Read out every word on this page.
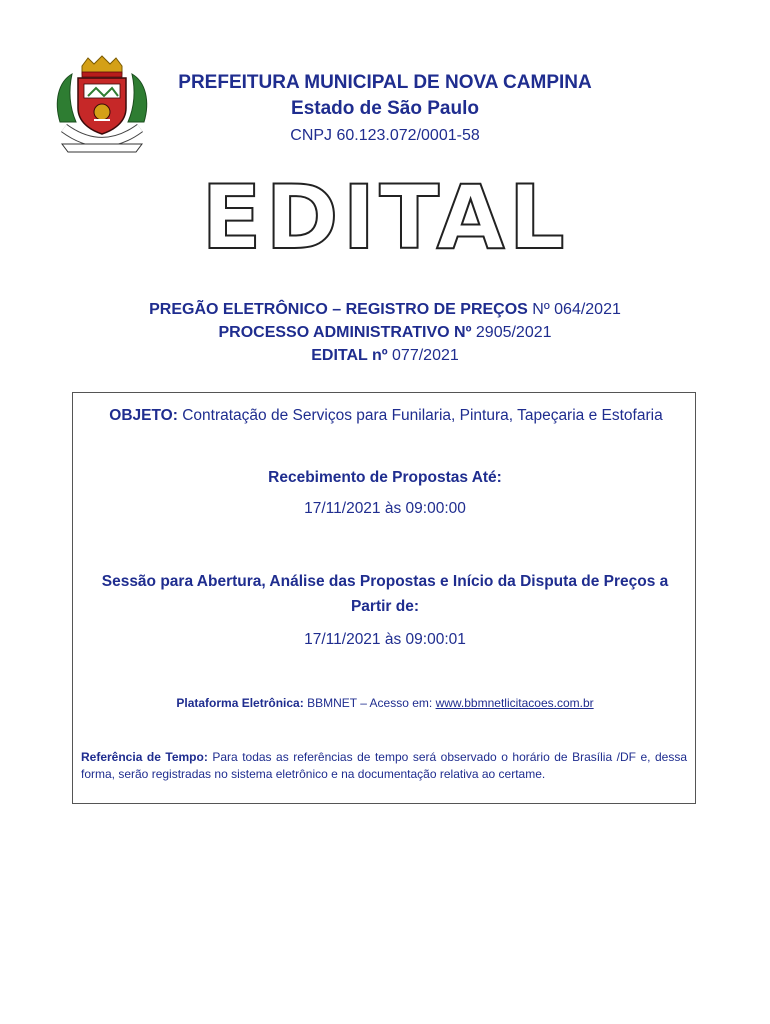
PREFEITURA MUNICIPAL DE NOVA CAMPINA
Estado de São Paulo
CNPJ 60.123.072/0001-58
EDITAL
PREGÃO ELETRÔNICO – REGISTRO DE PREÇOS Nº 064/2021
PROCESSO ADMINISTRATIVO Nº 2905/2021
EDITAL nº 077/2021
OBJETO: Contratação de Serviços para Funilaria, Pintura, Tapeçaria e Estofaria
Recebimento de Propostas Até:
17/11/2021 às 09:00:00
Sessão para Abertura, Análise das Propostas e Início da Disputa de Preços a Partir de:
17/11/2021 às 09:00:01
Plataforma Eletrônica: BBMNET – Acesso em: www.bbmnetlicitacoes.com.br
Referência de Tempo: Para todas as referências de tempo será observado o horário de Brasília /DF e, dessa forma, serão registradas no sistema eletrônico e na documentação relativa ao certame.
